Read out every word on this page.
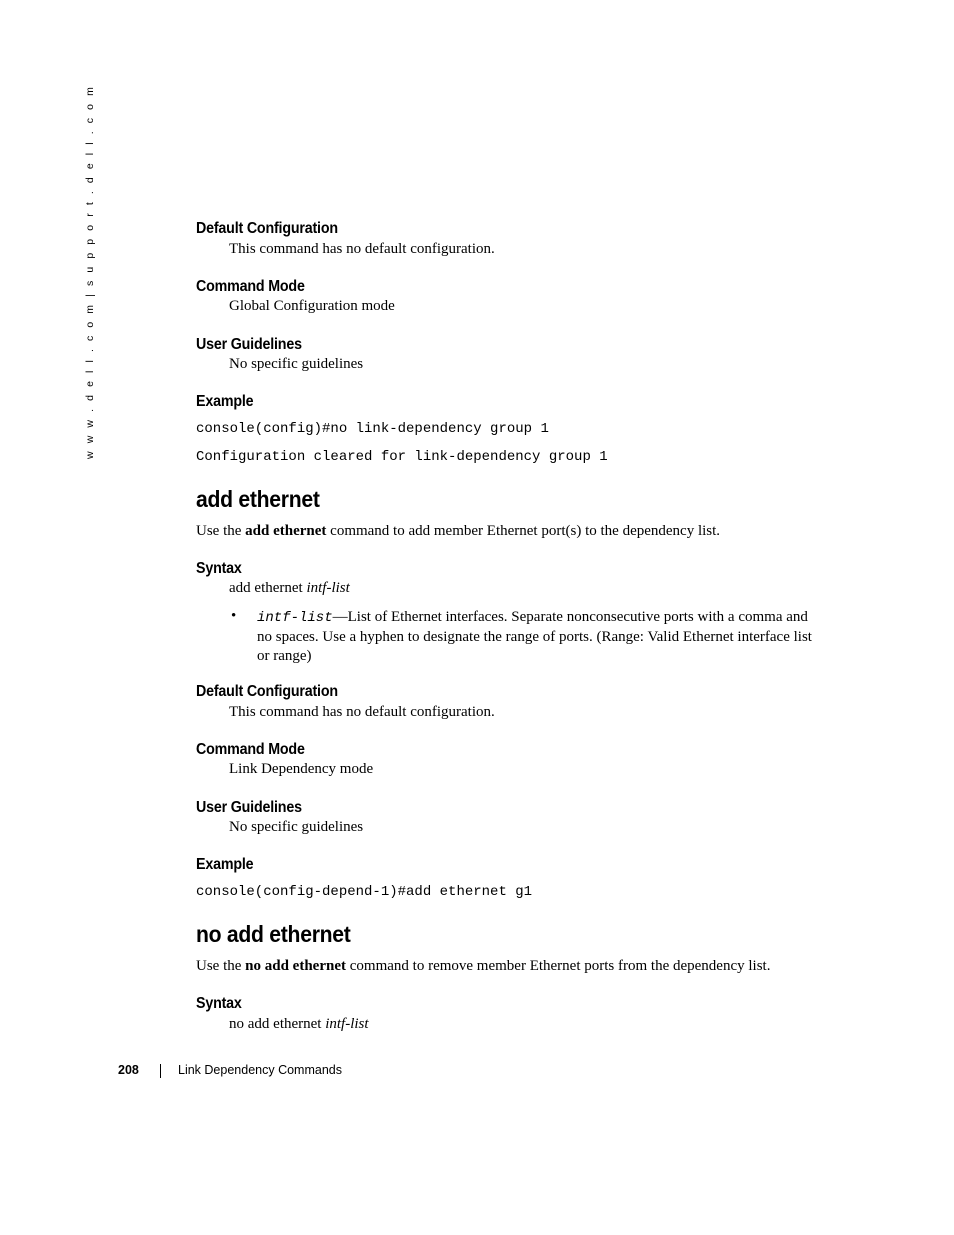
w w w . d e l l . c o m | s u p p o r t . d e l l . c o m	Default Configuration
This command has no default configuration.
Command Mode
Global Configuration mode
User Guidelines
No specific guidelines
Example
console(config)#no link-dependency group 1
Configuration cleared for link-dependency group 1
add ethernet
Use the add ethernet command to add member Ethernet port(s) to the dependency list.
Syntax
add ethernet intf-list
• intf-list—List of Ethernet interfaces. Separate nonconsecutive ports with a comma and no spaces. Use a hyphen to designate the range of ports. (Range: Valid Ethernet interface list or range)
Default Configuration
This command has no default configuration.
Command Mode
Link Dependency mode
User Guidelines
No specific guidelines
Example
console(config-depend-1)#add ethernet g1
no add ethernet
Use the no add ethernet command to remove member Ethernet ports from the dependency list.
Syntax
no add ethernet intf-list
208	Link Dependency Commands
